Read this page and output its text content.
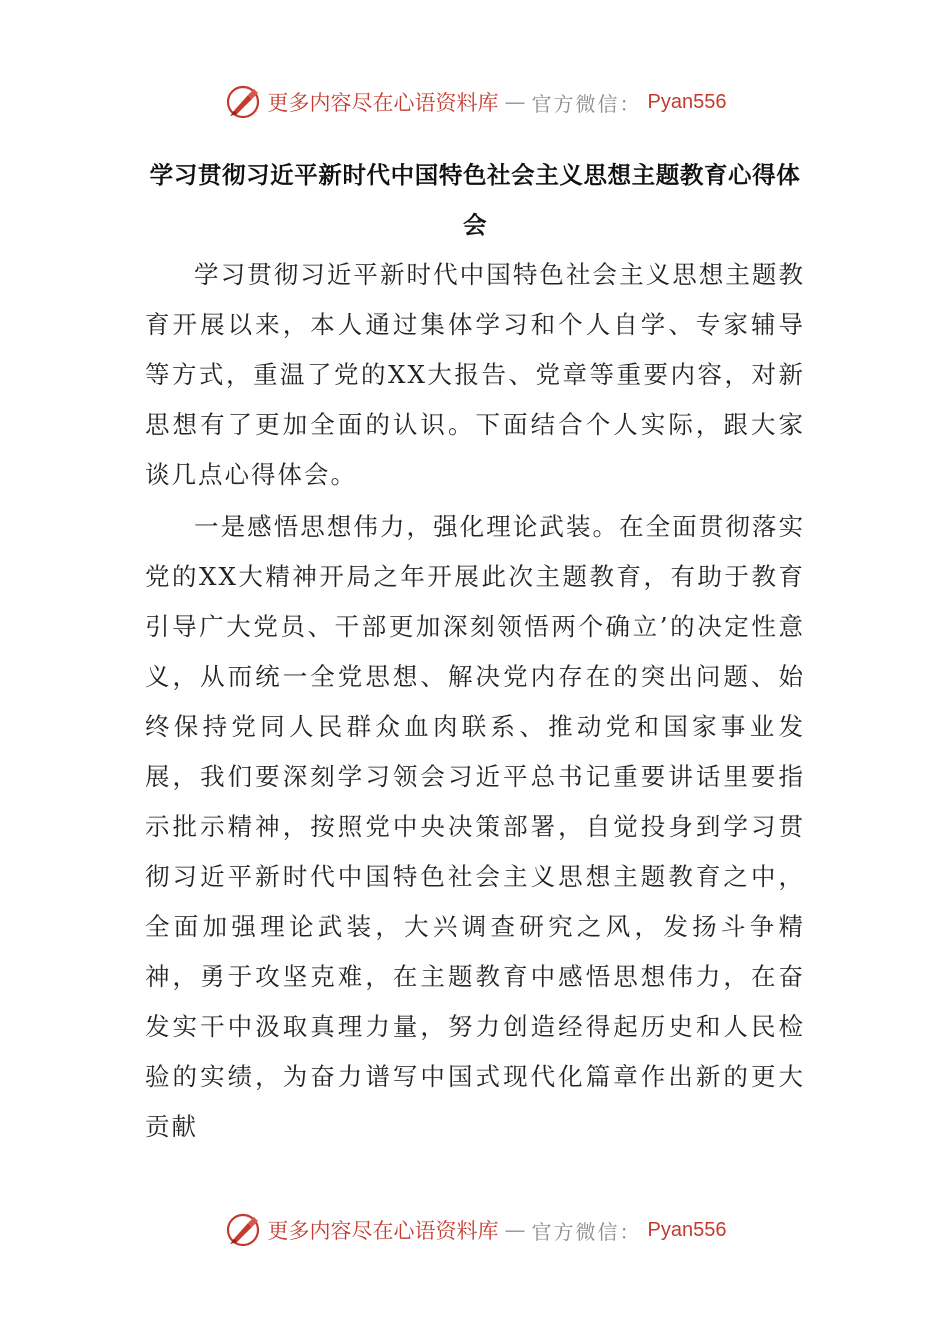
更多内容尽在心语资料库 — 官方微信： Pyan556
学习贯彻习近平新时代中国特色社会主义思想主题教育心得体会

学习贯彻习近平新时代中国特色社会主义思想主题教育开展以来，本人通过集体学习和个人自学、专家辅导等方式，重温了党的XX大报告、党章等重要内容，对新思想有了更加全面的认识。下面结合个人实际，跟大家谈几点心得体会。

一是感悟思想伟力，强化理论武装。在全面贯彻落实党的XX大精神开局之年开展此次主题教育，有助于教育引导广大党员、干部更加深刻领悟两个确立’的决定性意义，从而统一全党思想、解决党内存在的突出问题、始终保持党同人民群众血肉联系、推动党和国家事业发展，我们要深刻学习领会习近平总书记重要讲话里要指示批示精神，按照党中央决策部署，自觉投身到学习贯彻习近平新时代中国特色社会主义思想主题教育之中，全面加强理论武装，大兴调查研究之风，发扬斗争精神，勇于攻坚克难，在主题教育中感悟思想伟力，在奋发实干中汲取真理力量，努力创造经得起历史和人民检验的实绩，为奋力谱写中国式现代化篇章作出新的更大贡献

更多内容尽在心语资料库 — 官方微信： Pyan556
